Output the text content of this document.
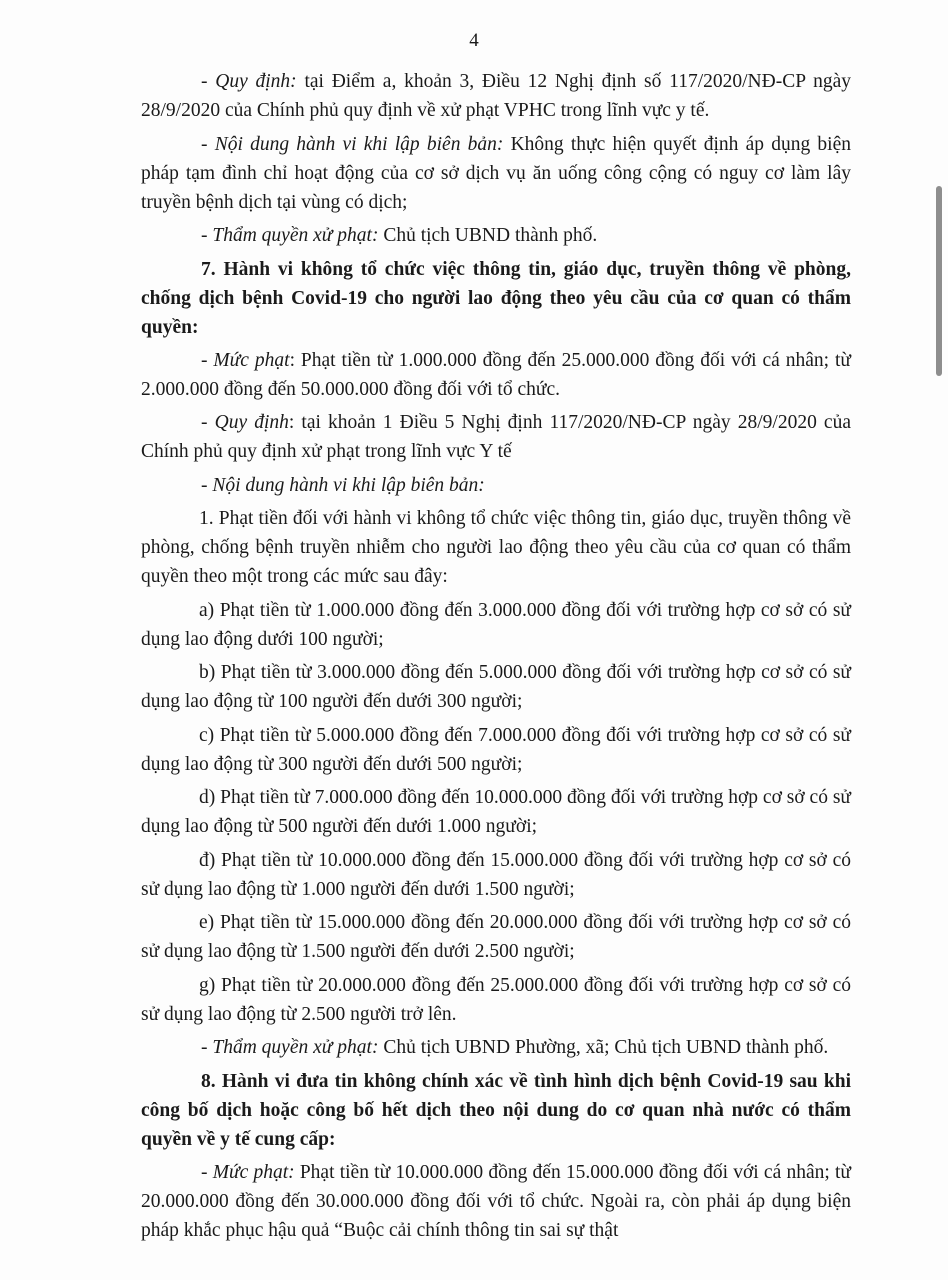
4

- Quy định: tại Điểm a, khoản 3, Điều 12 Nghị định số 117/2020/NĐ-CP ngày 28/9/2020 của Chính phủ quy định về xử phạt VPHC trong lĩnh vực y tế.

- Nội dung hành vi khi lập biên bản: Không thực hiện quyết định áp dụng biện pháp tạm đình chỉ hoạt động của cơ sở dịch vụ ăn uống công cộng có nguy cơ làm lây truyền bệnh dịch tại vùng có dịch;

- Thẩm quyền xử phạt: Chủ tịch UBND thành phố.

7. Hành vi không tổ chức việc thông tin, giáo dục, truyền thông về phòng, chống dịch bệnh Covid-19 cho người lao động theo yêu cầu của cơ quan có thẩm quyền:

- Mức phạt: Phạt tiền từ 1.000.000 đồng đến 25.000.000 đồng đối với cá nhân; từ 2.000.000 đồng đến 50.000.000 đồng đối với tổ chức.

- Quy định: tại khoản 1 Điều 5 Nghị định 117/2020/NĐ-CP ngày 28/9/2020 của Chính phủ quy định xử phạt trong lĩnh vực Y tế

- Nội dung hành vi khi lập biên bản:

1. Phạt tiền đối với hành vi không tổ chức việc thông tin, giáo dục, truyền thông về phòng, chống bệnh truyền nhiễm cho người lao động theo yêu cầu của cơ quan có thẩm quyền theo một trong các mức sau đây:

a) Phạt tiền từ 1.000.000 đồng đến 3.000.000 đồng đối với trường hợp cơ sở có sử dụng lao động dưới 100 người;

b) Phạt tiền từ 3.000.000 đồng đến 5.000.000 đồng đối với trường hợp cơ sở có sử dụng lao động từ 100 người đến dưới 300 người;

c) Phạt tiền từ 5.000.000 đồng đến 7.000.000 đồng đối với trường hợp cơ sở có sử dụng lao động từ 300 người đến dưới 500 người;

d) Phạt tiền từ 7.000.000 đồng đến 10.000.000 đồng đối với trường hợp cơ sở có sử dụng lao động từ 500 người đến dưới 1.000 người;

đ) Phạt tiền từ 10.000.000 đồng đến 15.000.000 đồng đối với trường hợp cơ sở có sử dụng lao động từ 1.000 người đến dưới 1.500 người;

e) Phạt tiền từ 15.000.000 đồng đến 20.000.000 đồng đối với trường hợp cơ sở có sử dụng lao động từ 1.500 người đến dưới 2.500 người;

g) Phạt tiền từ 20.000.000 đồng đến 25.000.000 đồng đối với trường hợp cơ sở có sử dụng lao động từ 2.500 người trở lên.

- Thẩm quyền xử phạt: Chủ tịch UBND Phường, xã; Chủ tịch UBND thành phố.

8. Hành vi đưa tin không chính xác về tình hình dịch bệnh Covid-19 sau khi công bố dịch hoặc công bố hết dịch theo nội dung do cơ quan nhà nước có thẩm quyền về y tế cung cấp:

- Mức phạt: Phạt tiền từ 10.000.000 đồng đến 15.000.000 đồng đối với cá nhân; từ 20.000.000 đồng đến 30.000.000 đồng đối với tổ chức. Ngoài ra, còn phải áp dụng biện pháp khắc phục hậu quả “Buộc cải chính thông tin sai sự thật
